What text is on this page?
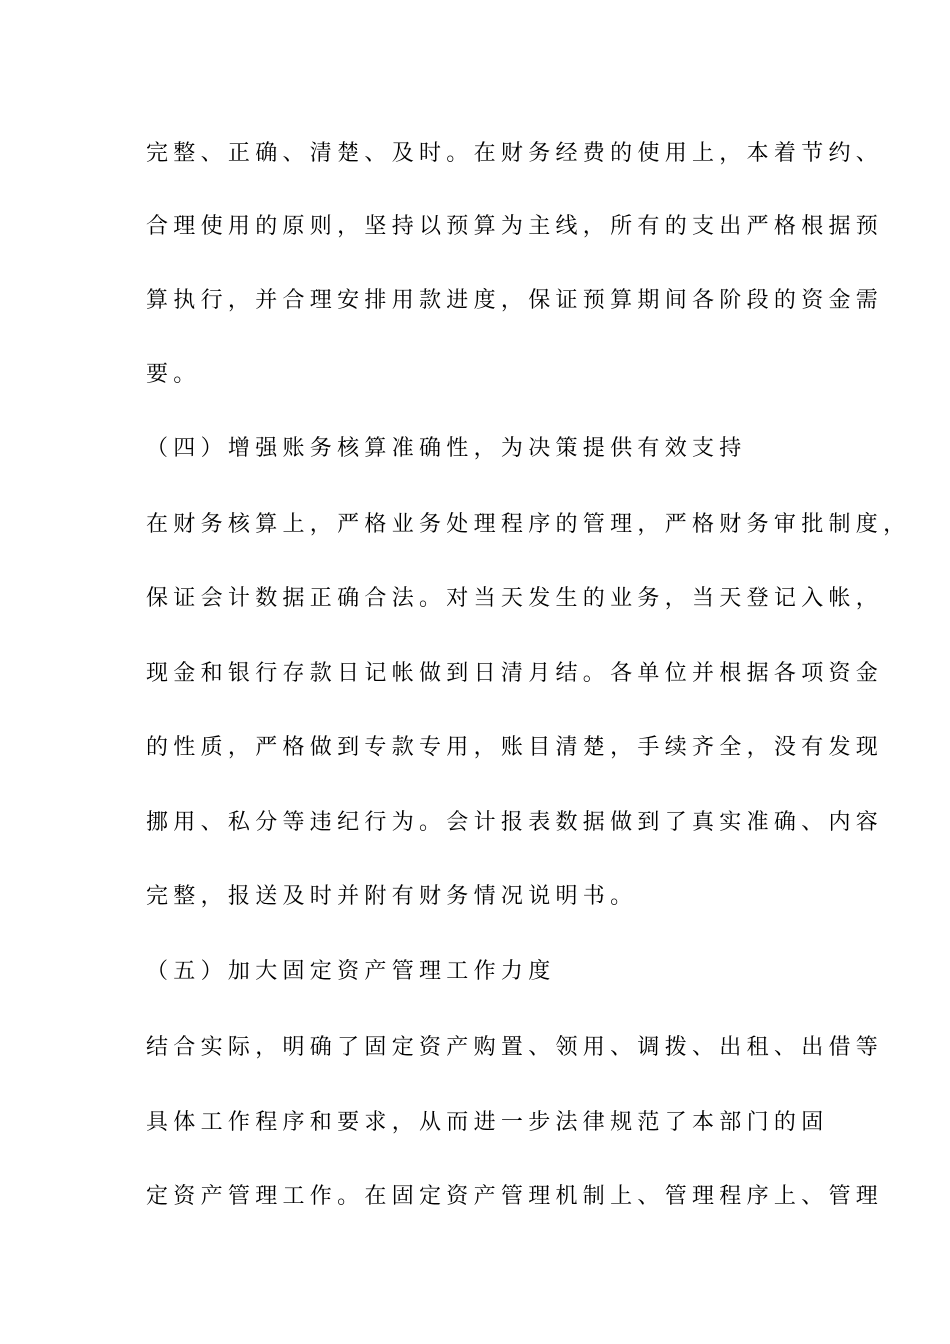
完整、正确、清楚、及时。在财务经费的使用上，本着节约、
合理使用的原则，坚持以预算为主线，所有的支出严格根据预
算执行，并合理安排用款进度，保证预算期间各阶段的资金需
要。
（四）增强账务核算准确性，为决策提供有效支持
在财务核算上，严格业务处理程序的管理，严格财务审批制度，
保证会计数据正确合法。对当天发生的业务，当天登记入帐，
现金和银行存款日记帐做到日清月结。各单位并根据各项资金
的性质，严格做到专款专用，账目清楚，手续齐全，没有发现
挪用、私分等违纪行为。会计报表数据做到了真实准确、内容
完整，报送及时并附有财务情况说明书。
（五）加大固定资产管理工作力度
结合实际，明确了固定资产购置、领用、调拨、出租、出借等
具体工作程序和要求，从而进一步法律规范了本部门的固
定资产管理工作。在固定资产管理机制上、管理程序上、管理
